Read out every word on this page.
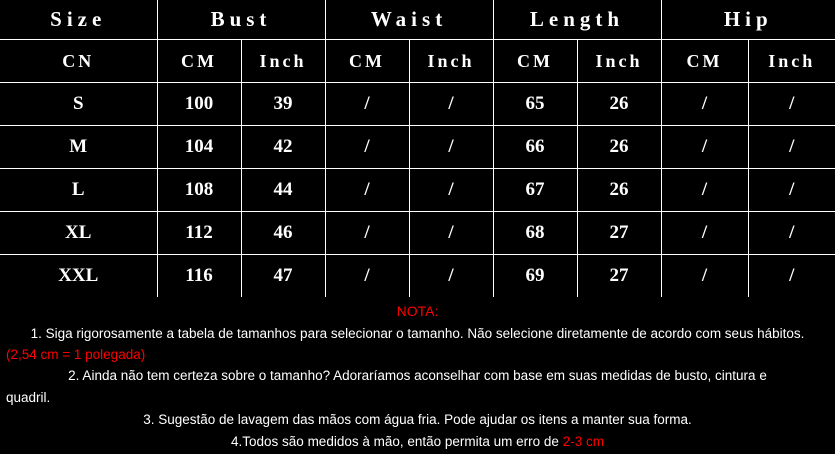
Size	Bust		Waist		Length		Hip	
CN	CM	Inch	CM	Inch	CM	Inch	CM	Inch
S	100	39	/	/	65	26	/	/
M	104	42	/	/	66	26	/	/
L	108	44	/	/	67	26	/	/
XL	112	46	/	/	68	27	/	/
XXL	116	47	/	/	69	27	/	/
NOTA:
1. Siga rigorosamente a tabela de tamanhos para selecionar o tamanho. Não selecione diretamente de acordo com seus hábitos.
(2,54 cm = 1 polegada)
2. Ainda não tem certeza sobre o tamanho? Adoraríamos aconselhar com base em suas medidas de busto, cintura e
quadril.
3. Sugestão de lavagem das mãos com água fria. Pode ajudar os itens a manter sua forma.
4.Todos são medidos à mão, então permita um erro de 2-3 cm
